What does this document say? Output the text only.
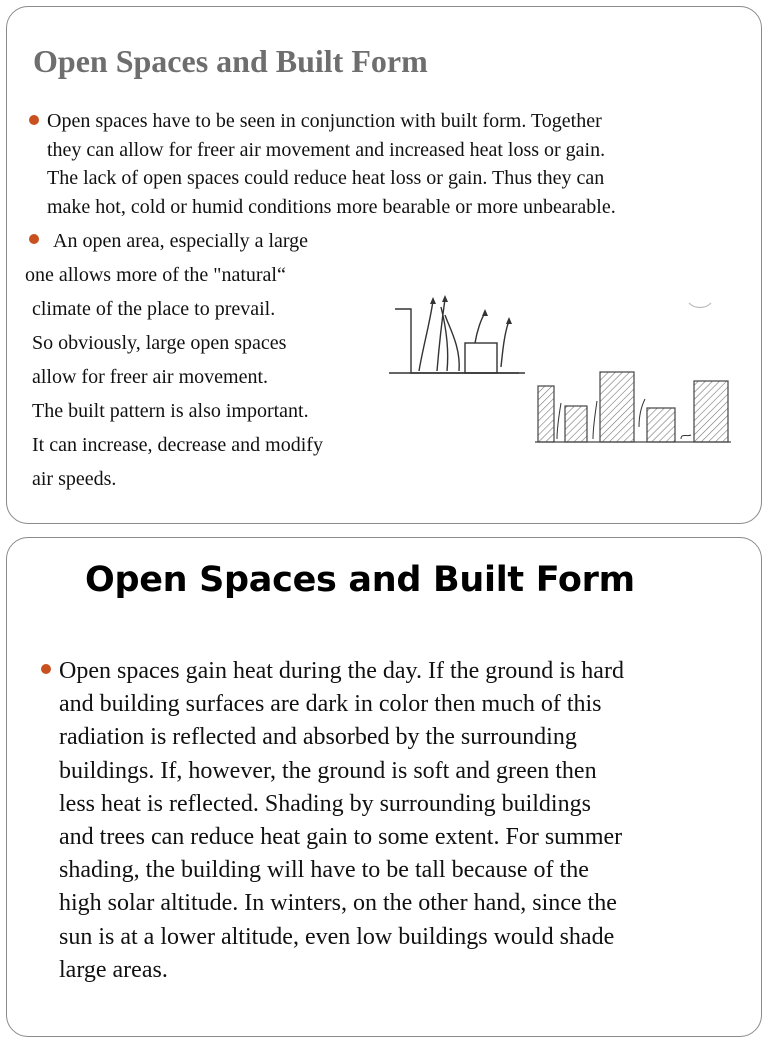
Open Spaces and Built Form
Open spaces have to be seen in conjunction with built form. Together
they can allow for freer air movement and increased heat loss or gain.
The lack of open spaces could reduce heat loss or gain. Thus they can
make hot, cold or humid conditions more bearable or more unbearable.
An open area, especially a large
one allows more of the "natural“
climate of the place to prevail.
So obviously, large open spaces
allow for freer air movement.
The built pattern is also important.
It can increase, decrease and modify
air speeds.
Open Spaces and Built Form
Open spaces gain heat during the day. If the ground is hard
and building surfaces are dark in color then much of this
radiation is reflected and absorbed by the surrounding
buildings. If, however, the ground is soft and green then
less heat is reflected. Shading by surrounding buildings
and trees can reduce heat gain to some extent. For summer
shading, the building will have to be tall because of the
high solar altitude. In winters, on the other hand, since the
sun is at a lower altitude, even low buildings would shade
large areas.
